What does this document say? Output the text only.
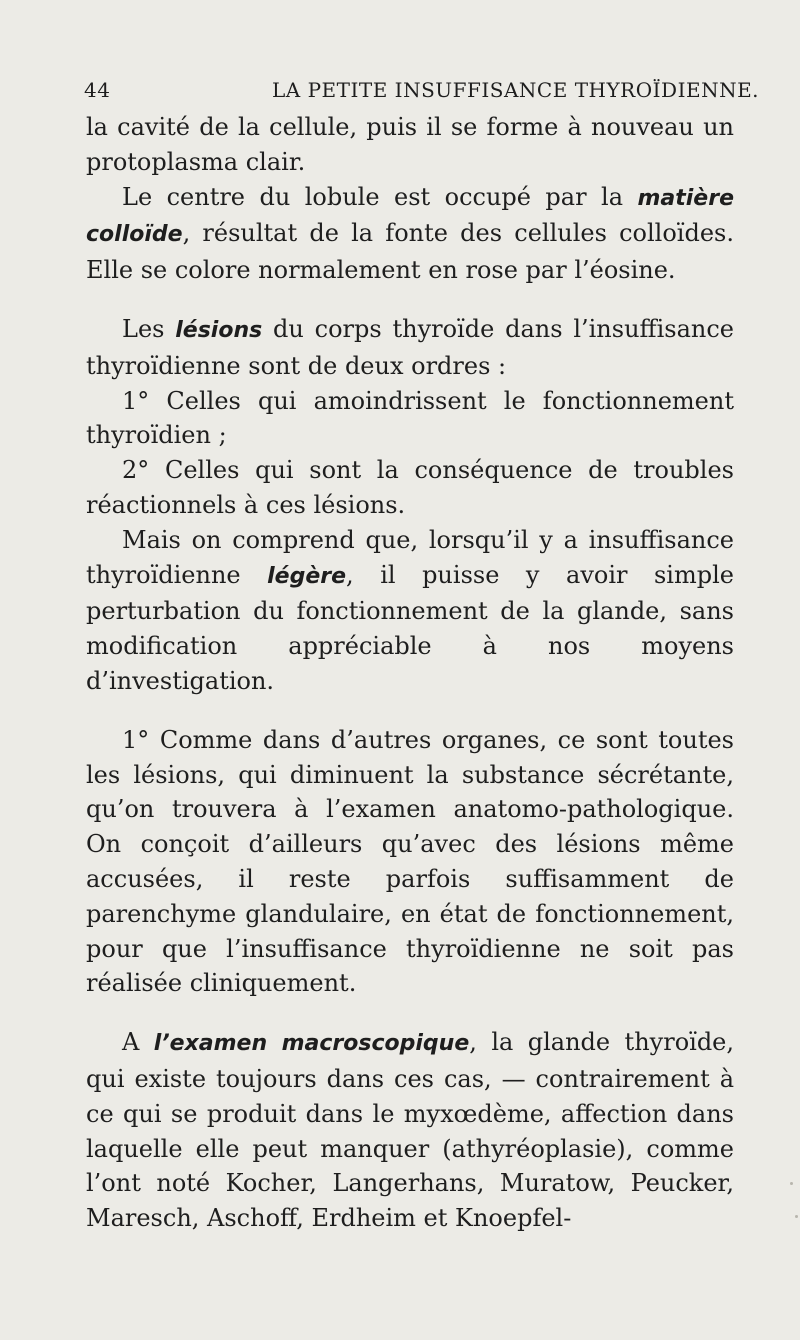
44	LA PETITE INSUFFISANCE THYROÏDIENNE.

la cavité de la cellule, puis il se forme à nouveau un protoplasma clair.

Le centre du lobule est occupé par la matière colloïde, résultat de la fonte des cellules colloïdes. Elle se colore normalement en rose par l’éosine.

Les lésions du corps thyroïde dans l’insuffisance thyroïdienne sont de deux ordres :

1° Celles qui amoindrissent le fonctionnement thyroïdien ;

2° Celles qui sont la conséquence de troubles réactionnels à ces lésions.

Mais on comprend que, lorsqu’il y a insuffisance thyroïdienne légère, il puisse y avoir simple perturbation du fonctionnement de la glande, sans modification appréciable à nos moyens d’investigation.

1° Comme dans d’autres organes, ce sont toutes les lésions, qui diminuent la substance sécrétante, qu’on trouvera à l’examen anatomo-pathologique. On conçoit d’ailleurs qu’avec des lésions même accusées, il reste parfois suffisamment de parenchyme glandulaire, en état de fonctionnement, pour que l’insuffisance thyroïdienne ne soit pas réalisée cliniquement.

A l’examen macroscopique, la glande thyroïde, qui existe toujours dans ces cas, — contrairement à ce qui se produit dans le myxœdème, affection dans laquelle elle peut manquer (athyréoplasie), comme l’ont noté Kocher, Langerhans, Muratow, Peucker, Maresch, Aschoff, Erdheim et Knoepfel-
